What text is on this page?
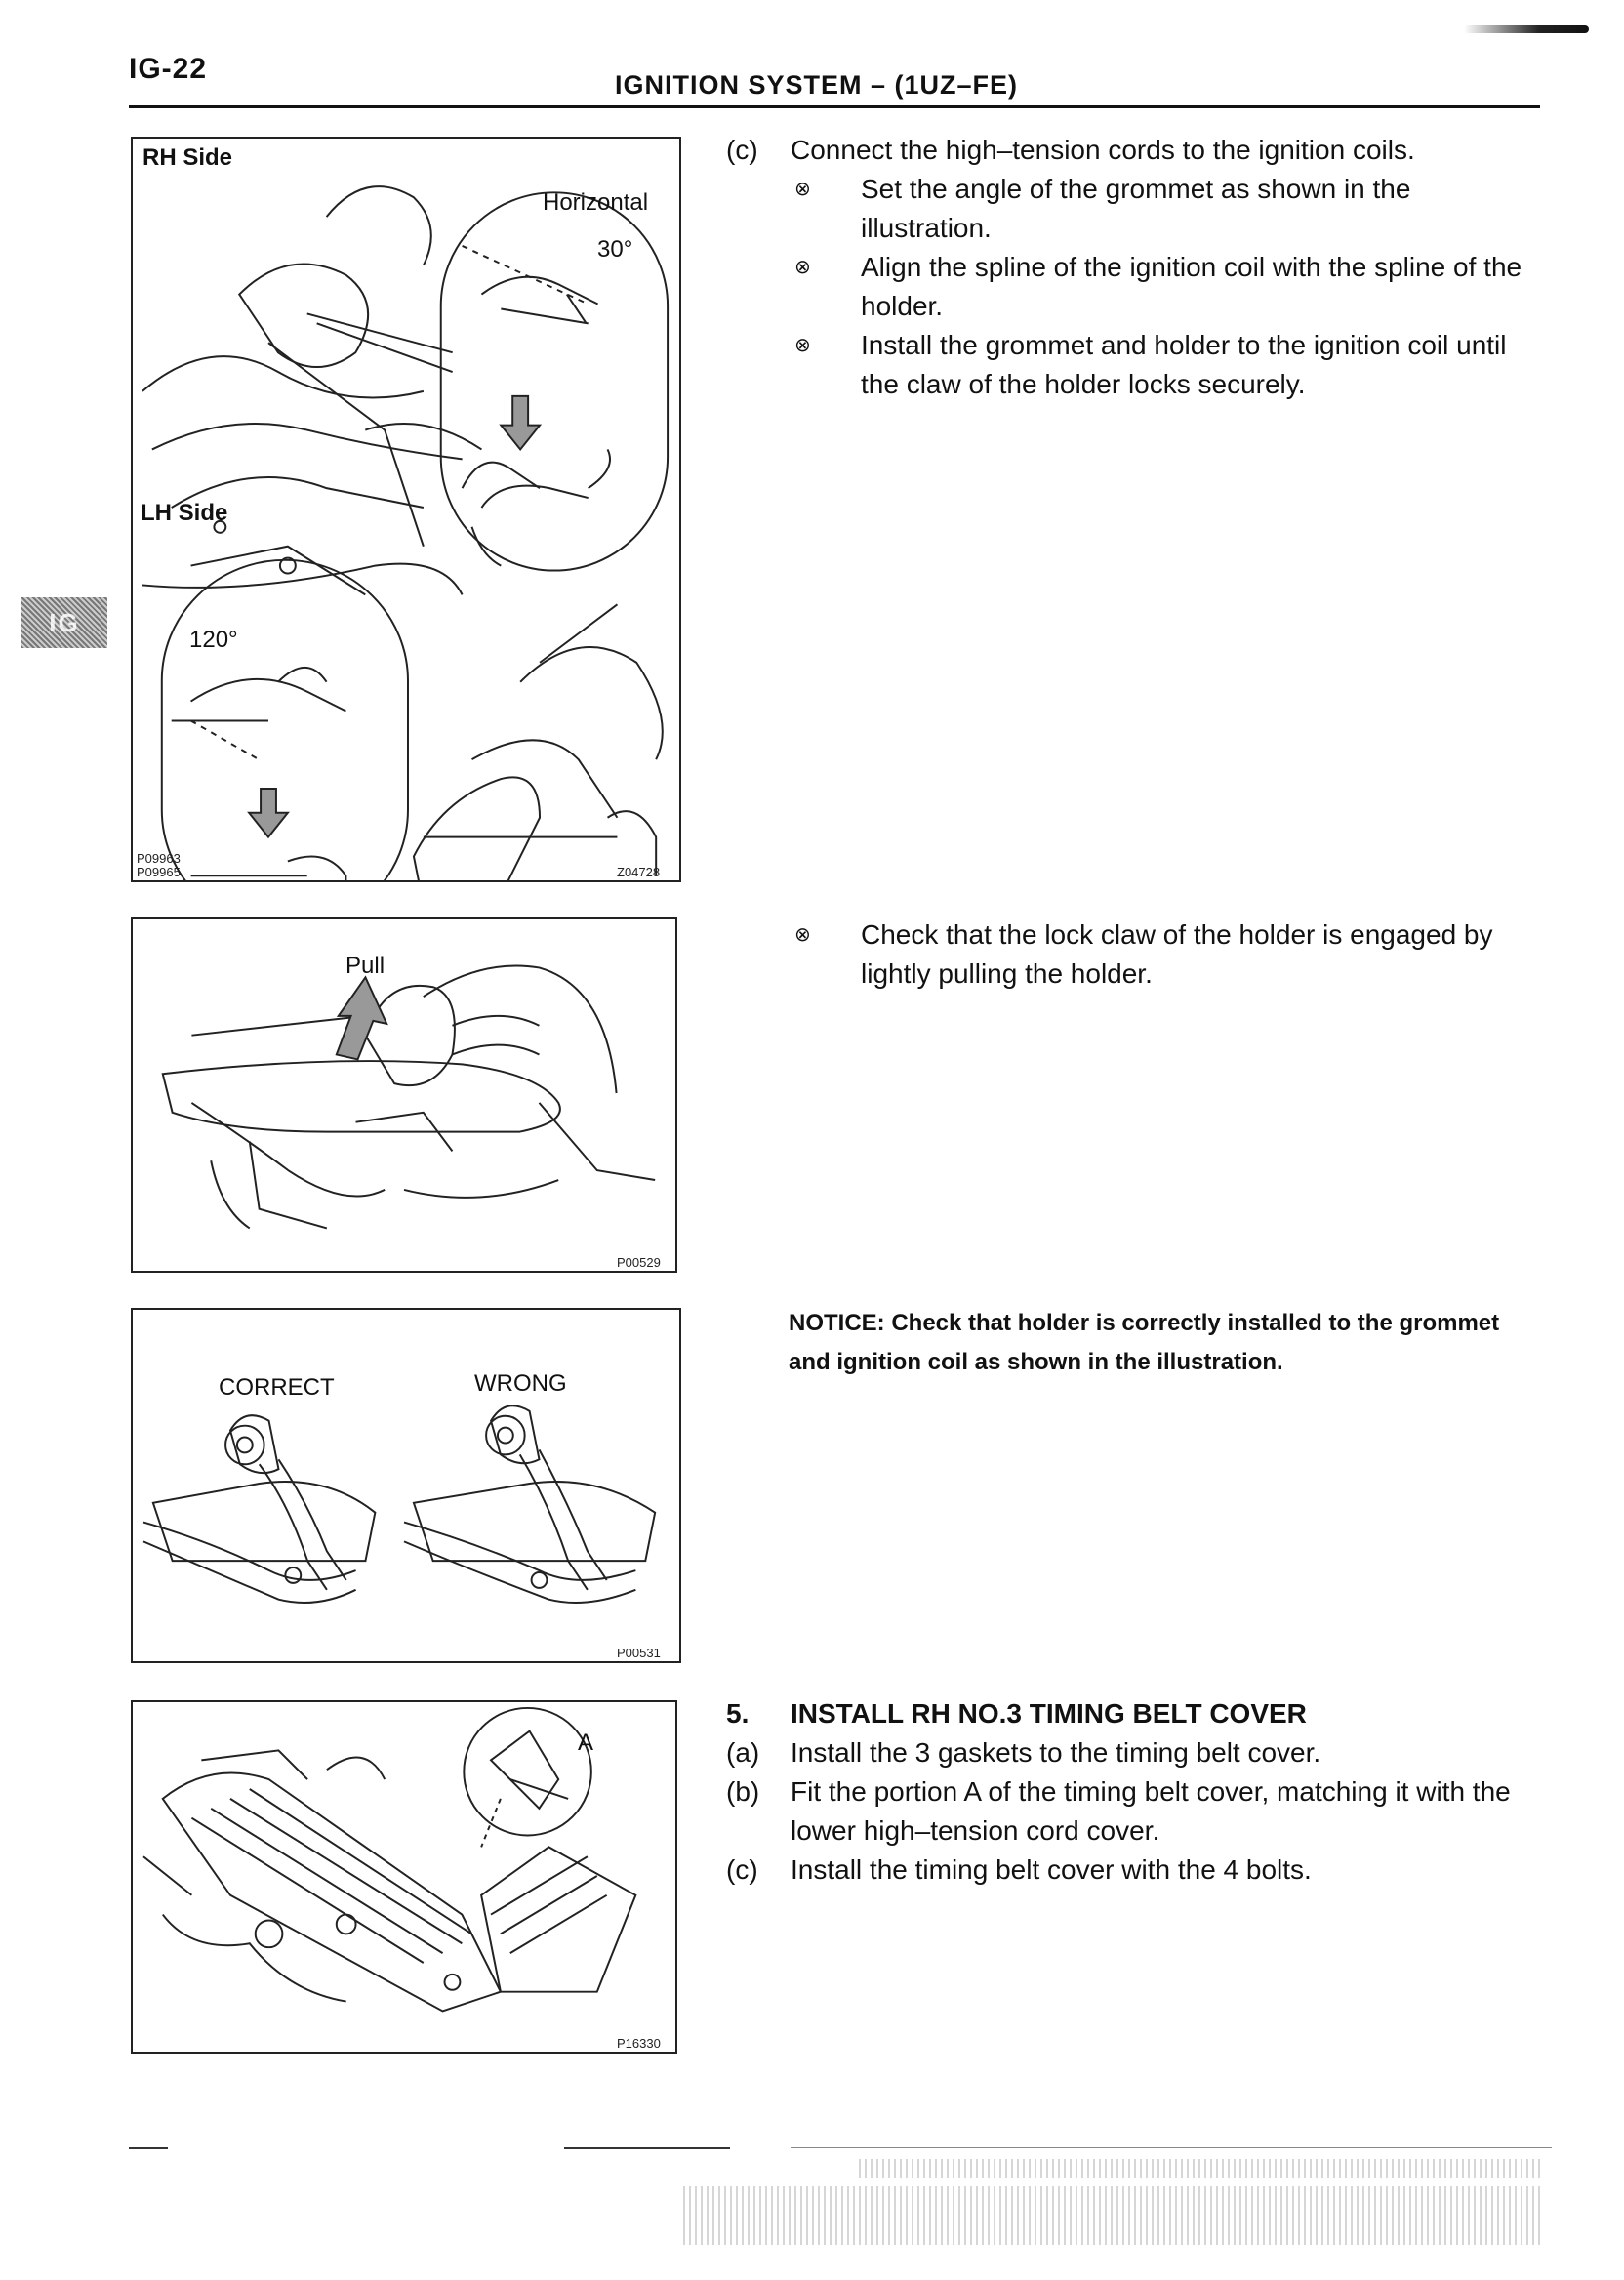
IG-22	IGNITION SYSTEM – (1UZ–FE)
IG
RH Side
Horizontal
30°
LH Side
120°
P09963
P09965	Z04728
Pull
P00529
CORRECT	WRONG
P00531
A
P16330
(c)	Connect the high–tension cords to the ignition coils.
⊗	Set the angle of the grommet as shown in the illustration.
⊗	Align the spline of the ignition coil with the spline of the holder.
⊗	Install the grommet and holder to the ignition coil until the claw of the holder locks securely.
⊗	Check that the lock claw of the holder is engaged by lightly pulling the holder.
NOTICE: Check that holder is correctly installed to the grommet and ignition coil as shown in the illustration.
5.	INSTALL RH NO.3 TIMING BELT COVER
(a)	Install the 3 gaskets to the timing belt cover.
(b)	Fit the portion A of the timing belt cover, matching it with the lower high–tension cord cover.
(c)	Install the timing belt cover with the 4 bolts.
